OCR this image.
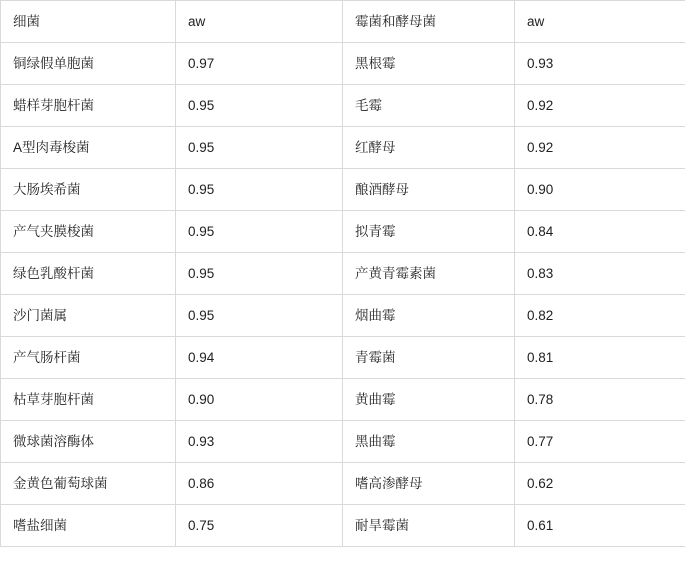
细菌	aw	霉菌和酵母菌	aw
铜绿假单胞菌	0.97	黑根霉	0.93
蜡样芽胞杆菌	0.95	毛霉	0.92
A型肉毒梭菌	0.95	红酵母	0.92
大肠埃希菌	0.95	酿酒酵母	0.90
产气夹膜梭菌	0.95	拟青霉	0.84
绿色乳酸杆菌	0.95	产黄青霉素菌	0.83
沙门菌属	0.95	烟曲霉	0.82
产气肠杆菌	0.94	青霉菌	0.81
枯草芽胞杆菌	0.90	黄曲霉	0.78
微球菌溶酶体	0.93	黑曲霉	0.77
金黄色葡萄球菌	0.86	嗜高渗酵母	0.62
嗜盐细菌	0.75	耐旱霉菌	0.61
